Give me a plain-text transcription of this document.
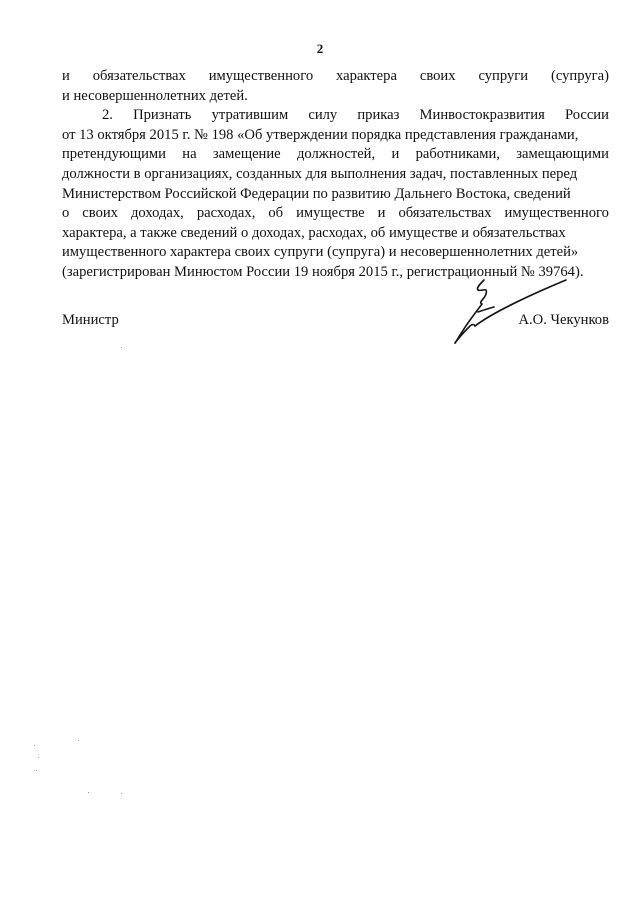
2
и обязательствах имущественного характера своих супруги (супруга)
и несовершеннолетних детей.
2. Признать утратившим силу приказ Минвостокразвития России
от 13 октября 2015 г. № 198 «Об утверждении порядка представления гражданами,
претендующими на замещение должностей, и работниками, замещающими
должности в организациях, созданных для выполнения задач, поставленных перед
Министерством Российской Федерации по развитию Дальнего Востока, сведений
о своих доходах, расходах, об имуществе и обязательствах имущественного
характера, а также сведений о доходах, расходах, об имуществе и обязательствах
имущественного характера своих супруги (супруга) и несовершеннолетних детей»
(зарегистрирован Минюстом России 19 ноября 2015 г., регистрационный № 39764).
Министр	А.О. Чекунков
